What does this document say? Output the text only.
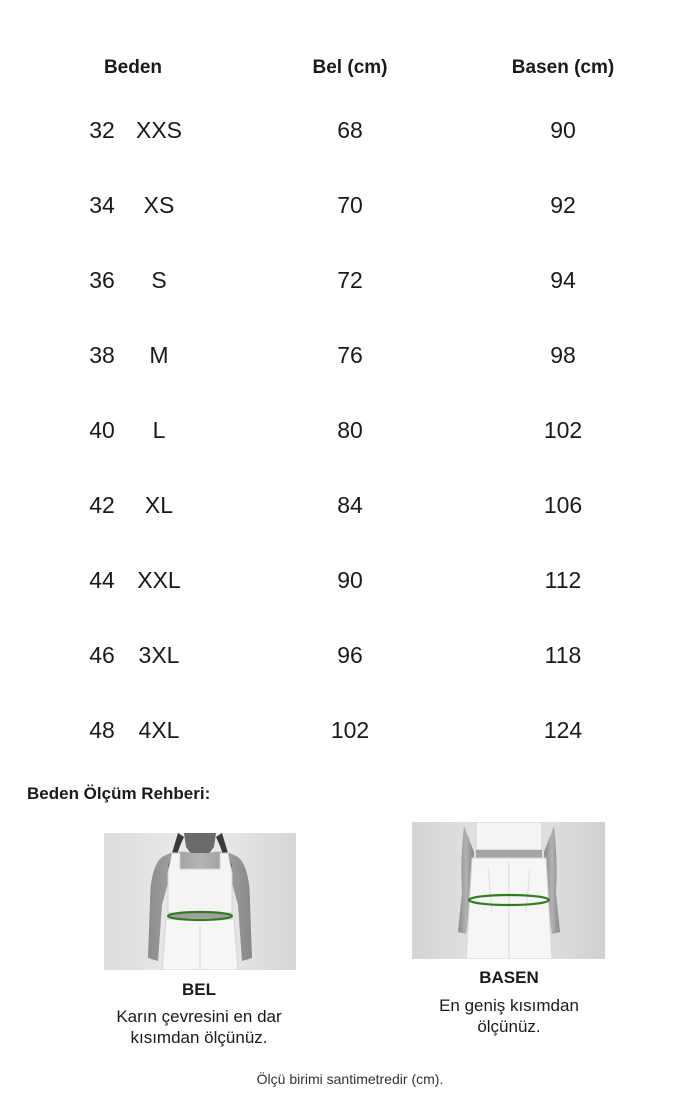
Beden	Bel (cm)	Basen (cm)
32 XXS	68	90
34	XS	70	92
36	S	72	94
38	M	76	98
40	L	80	102
42	XL	84	106
44 XXL	90	112
46	3XL	96	118
48	4XL	102	124
Beden Ölçüm Rehberi:
BEL
Karın çevresini en dar
kısımdan ölçünüz.
BASEN
En geniş kısımdan
ölçünüz.
Ölçü birimi santimetredir (cm).
